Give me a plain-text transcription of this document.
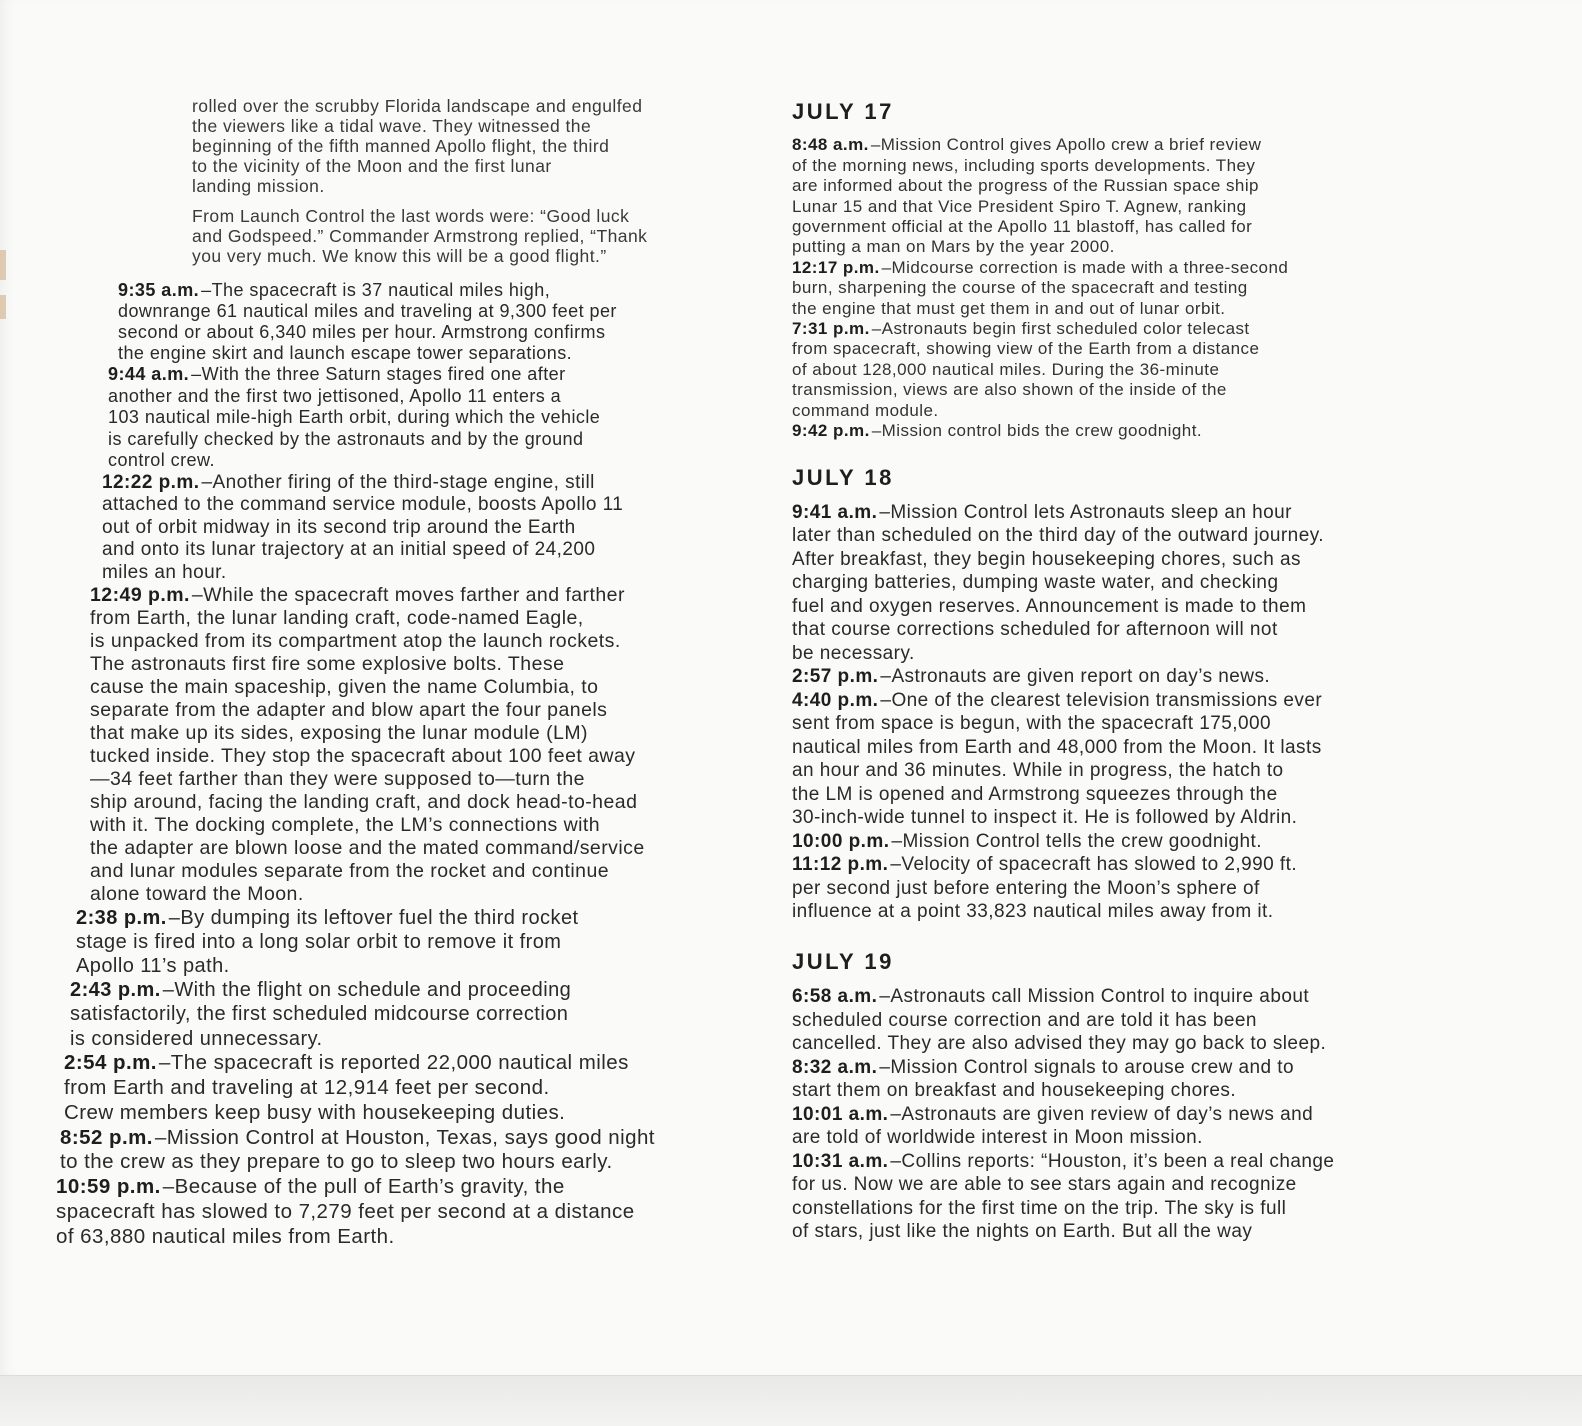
rolled over the scrubby Florida landscape and engulfed
the viewers like a tidal wave. They witnessed the
beginning of the fifth manned Apollo flight, the third
to the vicinity of the Moon and the first lunar
landing mission.

From Launch Control the last words were: “Good luck
and Godspeed.” Commander Armstrong replied, “Thank
you very much. We know this will be a good flight.”

9:35 a.m. –The spacecraft is 37 nautical miles high,
downrange 61 nautical miles and traveling at 9,300 feet per
second or about 6,340 miles per hour. Armstrong confirms
the engine skirt and launch escape tower separations.

9:44 a.m. –With the three Saturn stages fired one after
another and the first two jettisoned, Apollo 11 enters a
103 nautical mile-high Earth orbit, during which the vehicle
is carefully checked by the astronauts and by the ground
control crew.

12:22 p.m. –Another firing of the third-stage engine, still
attached to the command service module, boosts Apollo 11
out of orbit midway in its second trip around the Earth
and onto its lunar trajectory at an initial speed of 24,200
miles an hour.

12:49 p.m. –While the spacecraft moves farther and farther
from Earth, the lunar landing craft, code-named Eagle,
is unpacked from its compartment atop the launch rockets.
The astronauts first fire some explosive bolts. These
cause the main spaceship, given the name Columbia, to
separate from the adapter and blow apart the four panels
that make up its sides, exposing the lunar module (LM)
tucked inside. They stop the spacecraft about 100 feet away
—34 feet farther than they were supposed to—turn the
ship around, facing the landing craft, and dock head-to-head
with it. The docking complete, the LM’s connections with
the adapter are blown loose and the mated command/service
and lunar modules separate from the rocket and continue
alone toward the Moon.

2:38 p.m. –By dumping its leftover fuel the third rocket
stage is fired into a long solar orbit to remove it from
Apollo 11’s path.

2:43 p.m. –With the flight on schedule and proceeding
satisfactorily, the first scheduled midcourse correction
is considered unnecessary.

2:54 p.m.–The spacecraft is reported 22,000 nautical miles
from Earth and traveling at 12,914 feet per second.
Crew members keep busy with housekeeping duties.

8:52 p.m.–Mission Control at Houston, Texas, says good night
to the crew as they prepare to go to sleep two hours early.

10:59 p.m.–Because of the pull of Earth’s gravity, the
spacecraft has slowed to 7,279 feet per second at a distance
of 63,880 nautical miles from Earth.

JULY 17

8:48 a.m. –Mission Control gives Apollo crew a brief review
of the morning news, including sports developments. They
are informed about the progress of the Russian space ship
Lunar 15 and that Vice President Spiro T. Agnew, ranking
government official at the Apollo 11 blastoff, has called for
putting a man on Mars by the year 2000.

12:17 p.m. –Midcourse correction is made with a three-second
burn, sharpening the course of the spacecraft and testing
the engine that must get them in and out of lunar orbit.

7:31 p.m. –Astronauts begin first scheduled color telecast
from spacecraft, showing view of the Earth from a distance
of about 128,000 nautical miles. During the 36-minute
transmission, views are also shown of the inside of the
command module.

9:42 p.m. –Mission control bids the crew goodnight.

JULY 18

9:41 a.m. –Mission Control lets Astronauts sleep an hour
later than scheduled on the third day of the outward journey.
After breakfast, they begin housekeeping chores, such as
charging batteries, dumping waste water, and checking
fuel and oxygen reserves. Announcement is made to them
that course corrections scheduled for afternoon will not
be necessary.

2:57 p.m. –Astronauts are given report on day’s news.

4:40 p.m. –One of the clearest television transmissions ever
sent from space is begun, with the spacecraft 175,000
nautical miles from Earth and 48,000 from the Moon. It lasts
an hour and 36 minutes. While in progress, the hatch to
the LM is opened and Armstrong squeezes through the
30-inch-wide tunnel to inspect it. He is followed by Aldrin.

10:00 p.m. –Mission Control tells the crew goodnight.

11:12 p.m. –Velocity of spacecraft has slowed to 2,990 ft.
per second just before entering the Moon’s sphere of
influence at a point 33,823 nautical miles away from it.

JULY 19

6:58 a.m. –Astronauts call Mission Control to inquire about
scheduled course correction and are told it has been
cancelled. They are also advised they may go back to sleep.

8:32 a.m. –Mission Control signals to arouse crew and to
start them on breakfast and housekeeping chores.

10:01 a.m. –Astronauts are given review of day’s news and
are told of worldwide interest in Moon mission.

10:31 a.m. –Collins reports: “Houston, it’s been a real change
for us. Now we are able to see stars again and recognize
constellations for the first time on the trip. The sky is full
of stars, just like the nights on Earth. But all the way
